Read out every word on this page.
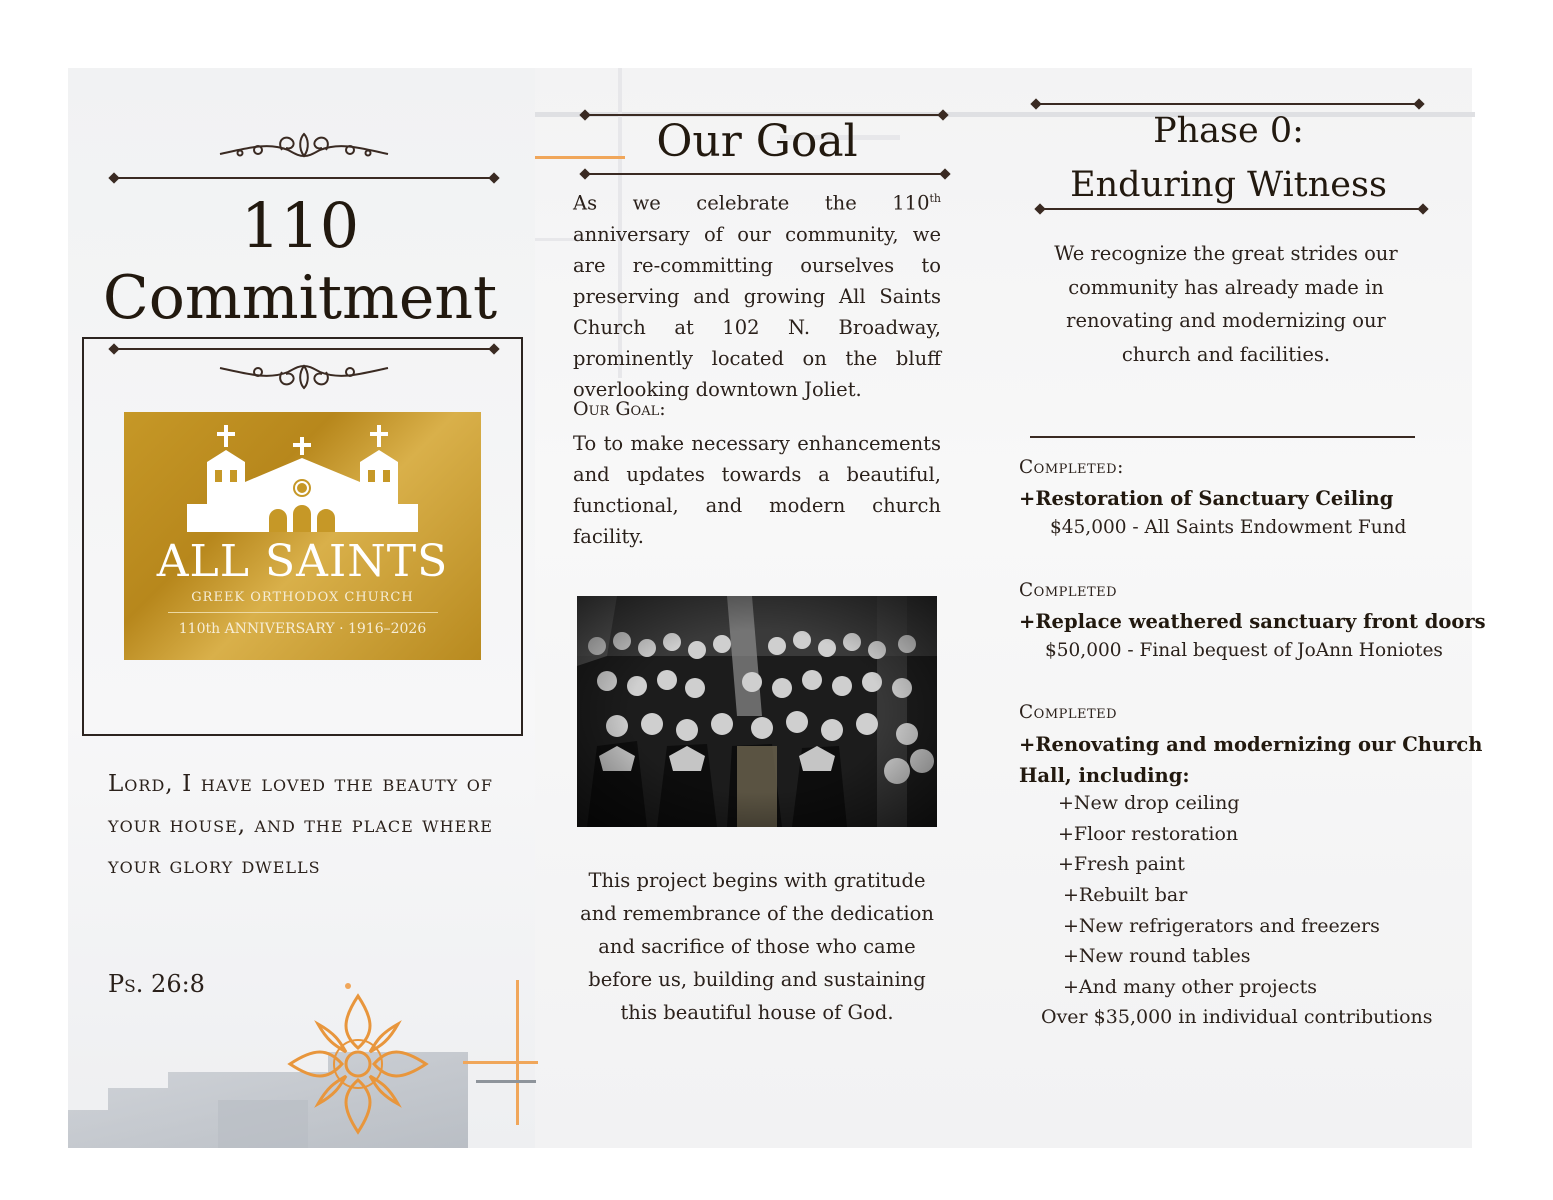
110
Commitment
ALL SAINTS
GREEK ORTHODOX CHURCH
110th ANNIVERSARY · 1916–2026
Lord, I have loved the beauty of your house, and the place where your glory dwells
Ps. 26:8
Our Goal
As we celebrate the 110th anniversary of our community, we are re-committing ourselves to preserving and growing All Saints Church at 102 N. Broadway, prominently located on the bluff overlooking downtown Joliet.
Our Goal:
To to make necessary enhancements and updates towards a beautiful, functional, and modern church facility.
This project begins with gratitude and remembrance of the dedication and sacrifice of those who came before us, building and sustaining this beautiful house of God.
Phase 0:
Enduring Witness
We recognize the great strides our community has already made in renovating and modernizing our church and facilities.
Completed:
+Restoration of Sanctuary Ceiling
$45,000 - All Saints Endowment Fund
Completed
+Replace weathered sanctuary front doors
$50,000 - Final bequest of JoAnn Honiotes
Completed
+Renovating and modernizing our Church
Hall, including:
+New drop ceiling
+Floor restoration
+Fresh paint
+Rebuilt bar
+New refrigerators and freezers
+New round tables
+And many other projects
Over $35,000 in individual contributions
